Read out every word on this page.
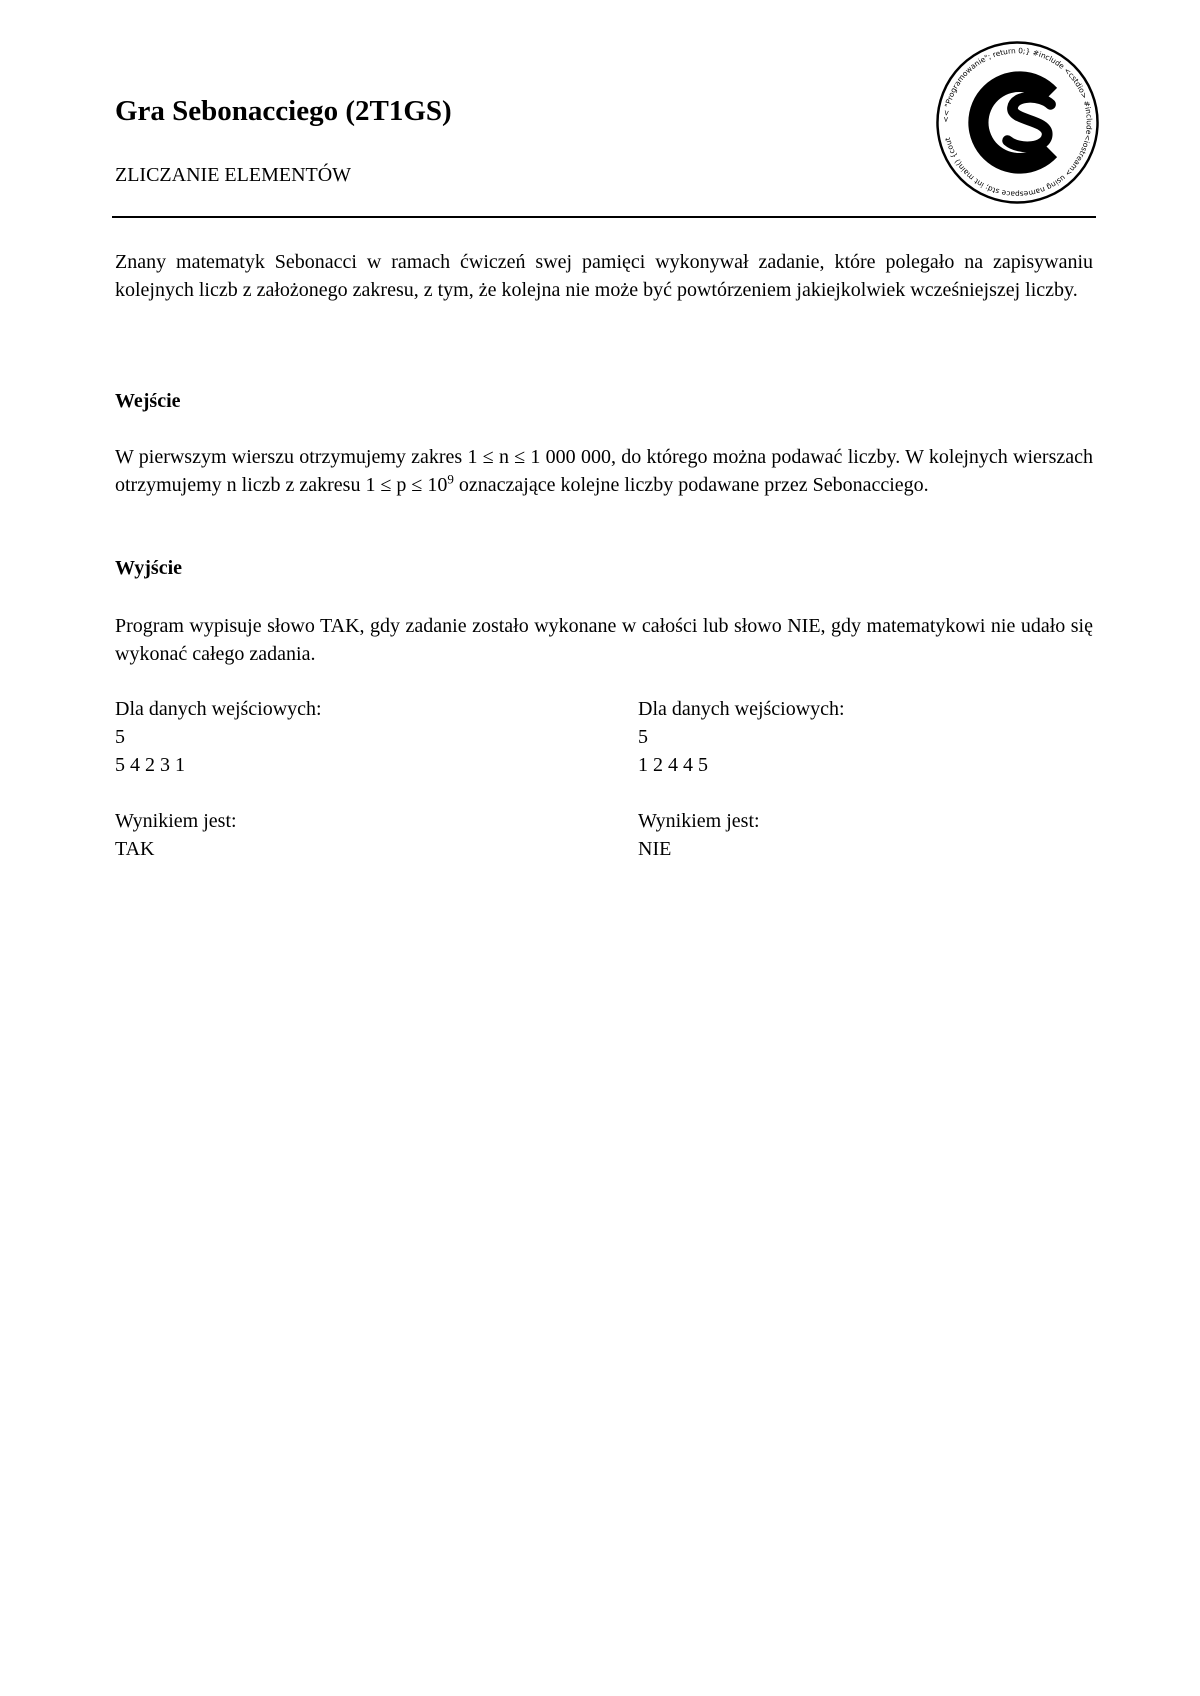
Gra Sebonacciego (2T1GS)
ZLICZANIE ELEMENTÓW
<< "Programowanie"; return 0;} #include <cstdio> #include<iostream> using namespace std; int main() {cout

Znany matematyk Sebonacci w ramach ćwiczeń swej pamięci wykonywał zadanie, które polegało na zapisywaniu kolejnych liczb z założonego zakresu, z tym, że kolejna nie może być powtórzeniem jakiejkolwiek wcześniejszej liczby.

Wejście

W pierwszym wierszu otrzymujemy zakres 1 ≤ n ≤ 1 000 000, do którego można podawać liczby. W kolejnych wierszach otrzymujemy n liczb z zakresu $1 \le p \le 10^9$ oznaczające kolejne liczby podawane przez Sebonacciego.

Wyjście

Program wypisuje słowo TAK, gdy zadanie zostało wykonane w całości lub słowo NIE, gdy matematykowi nie udało się wykonać całego zadania.

Dla danych wejściowych:
5
5 4 2 3 1
Wynikiem jest:
TAK
Dla danych wejściowych:
5
1 2 4 4 5
Wynikiem jest:
NIE
